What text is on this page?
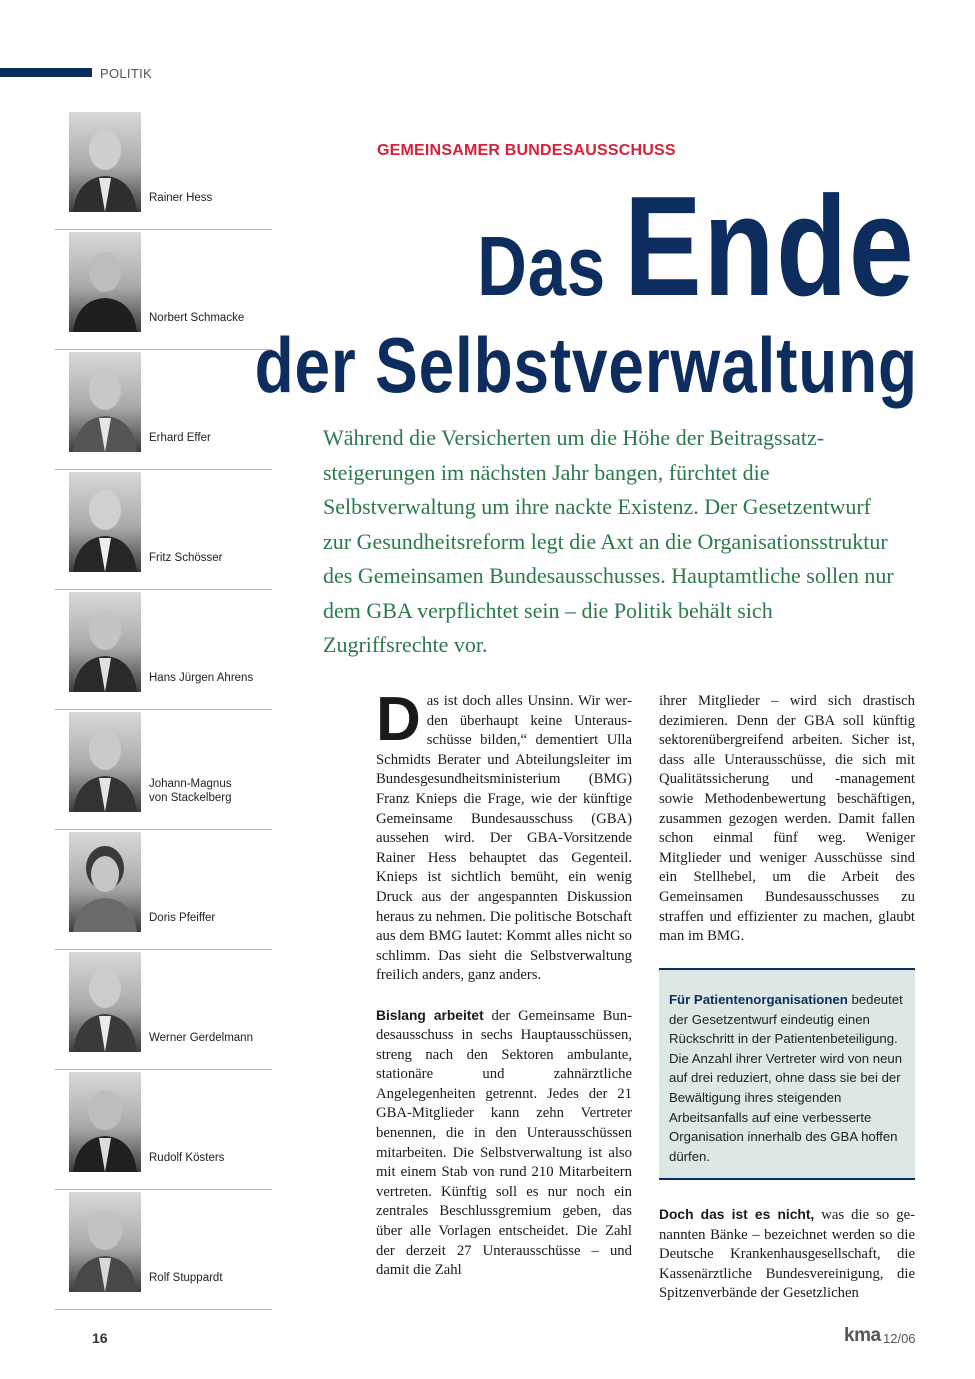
POLITIK
Rainer Hess
Norbert Schmacke
Erhard Effer
Fritz Schösser
Hans Jürgen Ahrens
Johann-Magnus
von Stackelberg
Doris Pfeiffer
Werner Gerdelmann
Rudolf Kösters
Rolf Stuppardt
GEMEINSAMER BUNDESAUSSCHUSS
Das Ende
der Selbstverwaltung
Während die Versicherten um die Höhe der Beitragssatzsteigerungen im nächsten Jahr bangen, fürchtet die Selbstverwaltung um ihre nackte Existenz. Der Gesetzentwurf zur Gesundheitsreform legt die Axt an die Organisationsstruktur des Gemeinsamen Bundesausschusses. Hauptamtliche sollen nur dem GBA verpflichtet sein – die Politik behält sich Zugriffsrechte vor.

Das ist doch alles Unsinn. Wir werden überhaupt keine Unterausschüsse bilden,“ dementiert Ulla Schmidts Berater und Abteilungsleiter im Bundesgesundheitsministerium (BMG) Franz Knieps die Frage, wie der künftige Gemeinsame Bundesausschuss (GBA) aussehen wird. Der GBA-Vorsitzende Rainer Hess behauptet das Gegenteil. Knieps ist sichtlich bemüht, ein wenig Druck aus der angespannten Diskussion heraus zu nehmen. Die politische Botschaft aus dem BMG lautet: Kommt alles nicht so schlimm. Das sieht die Selbstverwaltung freilich anders, ganz anders.

Bislang arbeitet der Gemeinsame Bundesausschuss in sechs Hauptausschüssen, streng nach den Sektoren ambulante, stationäre und zahnärztliche Angelegenheiten getrennt. Jedes der 21 GBA-Mitglieder kann zehn Vertreter benennen, die in den Unterausschüssen mitarbeiten. Die Selbstverwaltung ist also mit einem Stab von rund 210 Mitarbeitern vertreten. Künftig soll es nur noch ein zentrales Beschlussgremium geben, das über alle Vorlagen entscheidet. Die Zahl der derzeit 27 Unterausschüsse – und damit die Zahl

ihrer Mitglieder – wird sich drastisch dezimieren. Denn der GBA soll künftig sektorenübergreifend arbeiten. Sicher ist, dass alle Unterausschüsse, die sich mit Qualitätssicherung und -management sowie Methodenbewertung beschäftigen, zusammen gezogen werden. Damit fallen schon einmal fünf weg. Weniger Mitglieder und weniger Ausschüsse sind ein Stellhebel, um die Arbeit des Gemeinsamen Bundesausschusses zu straffen und effizienter zu machen, glaubt man im BMG.

Für Patientenorganisationen bedeutet der Gesetzentwurf eindeutig einen Rückschritt in der Patientenbeteiligung. Die Anzahl ihrer Vertreter wird von neun auf drei reduziert, ohne dass sie bei der Bewältigung ihres steigenden Arbeitsanfalls auf eine verbesserte Organisation innerhalb des GBA hoffen dürfen.
Doch das ist es nicht, was die so genannten Bänke – bezeichnet werden so die Deutsche Krankenhausgesellschaft, die Kassenärztliche Bundesvereinigung, die Spitzenverbände der Gesetzlichen
16	kma 12/06
